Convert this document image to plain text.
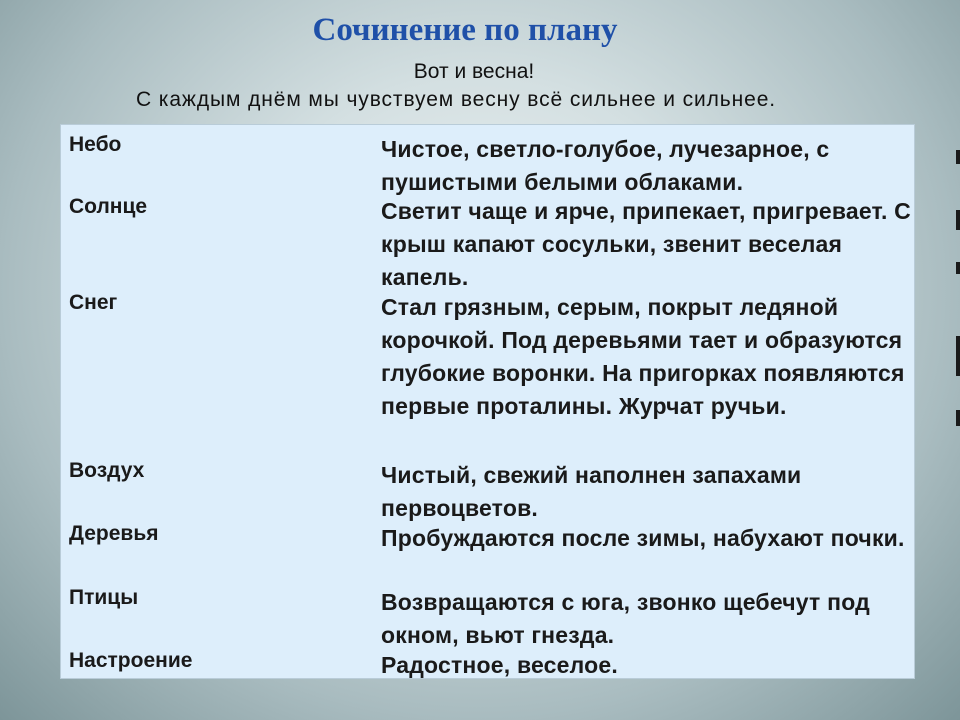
Сочинение по плану
Вот и весна!
С каждым днём мы чувствуем весну всё сильнее и сильнее.
Небо	Чистое, светло-голубое, лучезарное, с пушистыми белыми облаками.
Солнце	Светит чаще и ярче, припекает, пригревает. С крыш капают сосульки, звенит веселая капель.
Снег	Стал грязным, серым, покрыт ледяной корочкой. Под деревьями тает и образуются глубокие воронки. На пригорках появляются первые проталины. Журчат ручьи.
Воздух	Чистый, свежий наполнен запахами первоцветов.
Деревья	Пробуждаются после зимы, набухают почки.
Птицы	Возвращаются с юга, звонко щебечут под окном, вьют гнезда.
Настроение	Радостное, веселое.
